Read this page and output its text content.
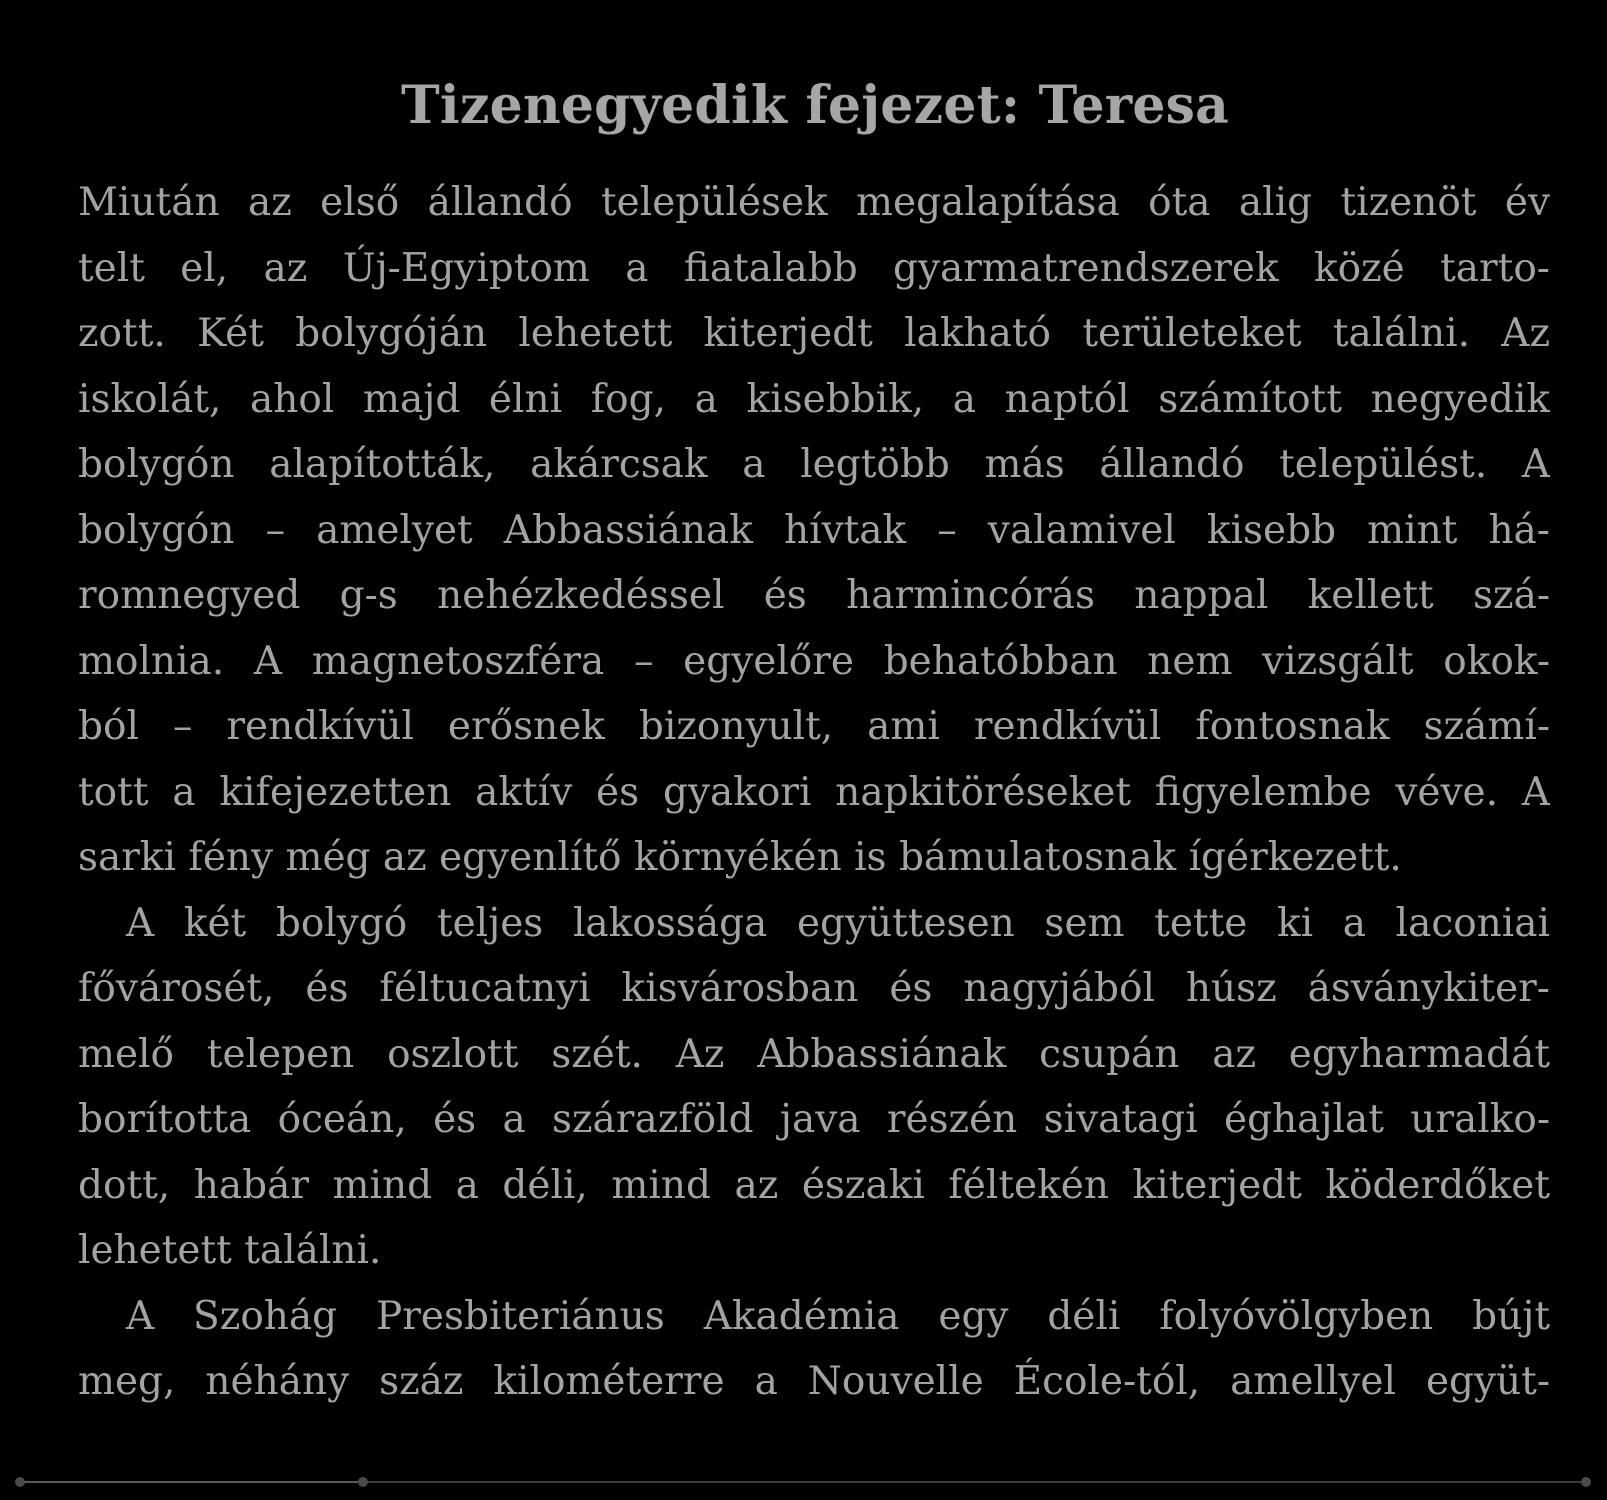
Tizenegyedik fejezet: Teresa
Miután az első állandó települések megalapítása óta alig tizenöt év
telt el, az Új-Egyiptom a fiatalabb gyarmatrendszerek közé tarto-
zott. Két bolygóján lehetett kiterjedt lakható területeket találni. Az
iskolát, ahol majd élni fog, a kisebbik, a naptól számított negyedik
bolygón alapították, akárcsak a legtöbb más állandó települést. A
bolygón – amelyet Abbassiának hívtak – valamivel kisebb mint há-
romnegyed g-s nehézkedéssel és harmincórás nappal kellett szá-
molnia. A magnetoszféra – egyelőre behatóbban nem vizsgált okok-
ból – rendkívül erősnek bizonyult, ami rendkívül fontosnak számí-
tott a kifejezetten aktív és gyakori napkitöréseket figyelembe véve. A
sarki fény még az egyenlítő környékén is bámulatosnak ígérkezett.
A két bolygó teljes lakossága együttesen sem tette ki a laconiai
fővárosét, és féltucatnyi kisvárosban és nagyjából húsz ásványkiter-
melő telepen oszlott szét. Az Abbassiának csupán az egyharmadát
borította óceán, és a szárazföld java részén sivatagi éghajlat uralko-
dott, habár mind a déli, mind az északi féltekén kiterjedt köderdőket
lehetett találni.
A Szohág Presbiteriánus Akadémia egy déli folyóvölgyben bújt
meg, néhány száz kilométerre a Nouvelle École-tól, amellyel együt-
